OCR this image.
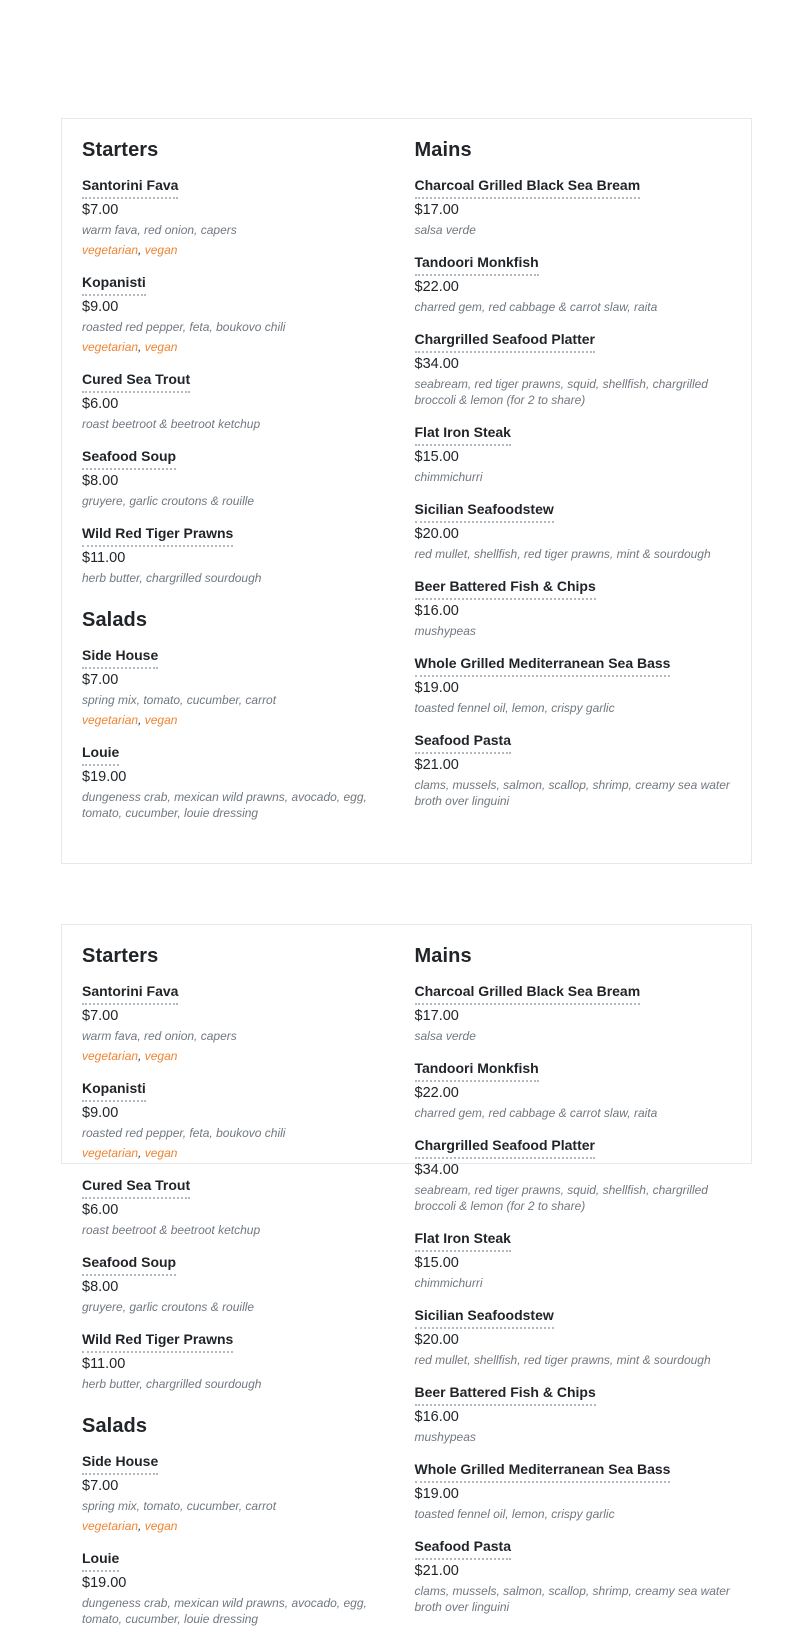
Starters
Santorini Fava
$7.00
warm fava, red onion, capers
vegetarian, vegan
Kopanisti
$9.00
roasted red pepper, feta, boukovo chili
vegetarian, vegan
Cured Sea Trout
$6.00
roast beetroot & beetroot ketchup
Seafood Soup
$8.00
gruyere, garlic croutons & rouille
Wild Red Tiger Prawns
$11.00
herb butter, chargrilled sourdough
Salads
Side House
$7.00
spring mix, tomato, cucumber, carrot
vegetarian, vegan
Louie
$19.00
dungeness crab, mexican wild prawns, avocado, egg, tomato, cucumber, louie dressing
Mains
Charcoal Grilled Black Sea Bream
$17.00
salsa verde
Tandoori Monkfish
$22.00
charred gem, red cabbage & carrot slaw, raita
Chargrilled Seafood Platter
$34.00
seabream, red tiger prawns, squid, shellfish, chargrilled broccoli & lemon (for 2 to share)
Flat Iron Steak
$15.00
chimmichurri
Sicilian Seafoodstew
$20.00
red mullet, shellfish, red tiger prawns, mint & sourdough
Beer Battered Fish & Chips
$16.00
mushypeas
Whole Grilled Mediterranean Sea Bass
$19.00
toasted fennel oil, lemon, crispy garlic
Seafood Pasta
$21.00
clams, mussels, salmon, scallop, shrimp, creamy sea water broth over linguini
Starters
Santorini Fava
$7.00
warm fava, red onion, capers
vegetarian, vegan
Kopanisti
$9.00
roasted red pepper, feta, boukovo chili
vegetarian, vegan
Cured Sea Trout
$6.00
roast beetroot & beetroot ketchup
Seafood Soup
$8.00
gruyere, garlic croutons & rouille
Wild Red Tiger Prawns
$11.00
herb butter, chargrilled sourdough
Salads
Side House
$7.00
spring mix, tomato, cucumber, carrot
vegetarian, vegan
Louie
$19.00
dungeness crab, mexican wild prawns, avocado, egg, tomato, cucumber, louie dressing
Mains
Charcoal Grilled Black Sea Bream
$17.00
salsa verde
Tandoori Monkfish
$22.00
charred gem, red cabbage & carrot slaw, raita
Chargrilled Seafood Platter
$34.00
seabream, red tiger prawns, squid, shellfish, chargrilled broccoli & lemon (for 2 to share)
Flat Iron Steak
$15.00
chimmichurri
Sicilian Seafoodstew
$20.00
red mullet, shellfish, red tiger prawns, mint & sourdough
Beer Battered Fish & Chips
$16.00
mushypeas
Whole Grilled Mediterranean Sea Bass
$19.00
toasted fennel oil, lemon, crispy garlic
Seafood Pasta
$21.00
clams, mussels, salmon, scallop, shrimp, creamy sea water broth over linguini
